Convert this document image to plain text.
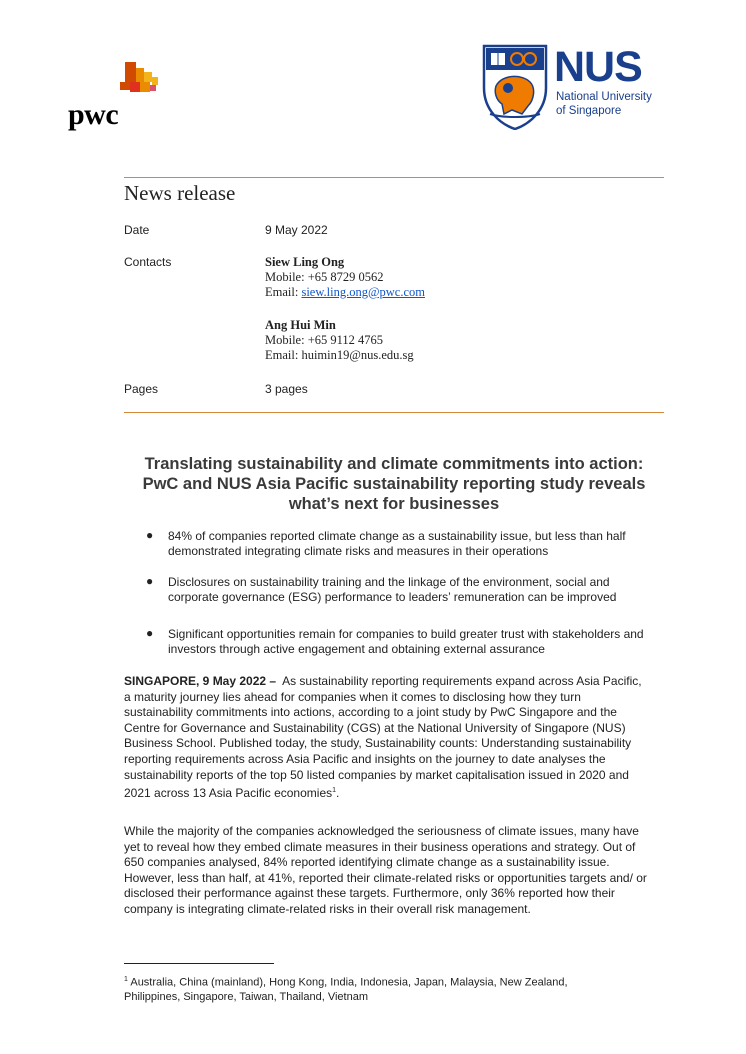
pwc
NUS
National University
of Singapore
News release
Date	9 May 2022
Contacts	Siew Ling Ong
Mobile: +65 8729 0562
Email: siew.ling.ong@pwc.com
Ang Hui Min
Mobile: +65 9112 4765
Email: huimin19@nus.edu.sg
Pages	3 pages
Translating sustainability and climate commitments into action:
PwC and NUS Asia Pacific sustainability reporting study reveals
what’s next for businesses
● 84% of companies reported climate change as a sustainability issue, but less than half
demonstrated integrating climate risks and measures in their operations
● Disclosures on sustainability training and the linkage of the environment, social and
corporate governance (ESG) performance to leaders’ remuneration can be improved
● Significant opportunities remain for companies to build greater trust with stakeholders and
investors through active engagement and obtaining external assurance
SINGAPORE, 9 May 2022 –  As sustainability reporting requirements expand across Asia Pacific,
a maturity journey lies ahead for companies when it comes to disclosing how they turn
sustainability commitments into actions, according to a joint study by PwC Singapore and the
Centre for Governance and Sustainability (CGS) at the National University of Singapore (NUS)
Business School. Published today, the study, Sustainability counts: Understanding sustainability
reporting requirements across Asia Pacific and insights on the journey to date analyses the
sustainability reports of the top 50 listed companies by market capitalisation issued in 2020 and
2021 across 13 Asia Pacific economies$^1$.
While the majority of the companies acknowledged the seriousness of climate issues, many have
yet to reveal how they embed climate measures in their business operations and strategy. Out of
650 companies analysed, 84% reported identifying climate change as a sustainability issue.
However, less than half, at 41%, reported their climate-related risks or opportunities targets and/ or
disclosed their performance against these targets. Furthermore, only 36% reported how their
company is integrating climate-related risks in their overall risk management.
$^1$ Australia, China (mainland), Hong Kong, India, Indonesia, Japan, Malaysia, New Zealand,
Philippines, Singapore, Taiwan, Thailand, Vietnam
